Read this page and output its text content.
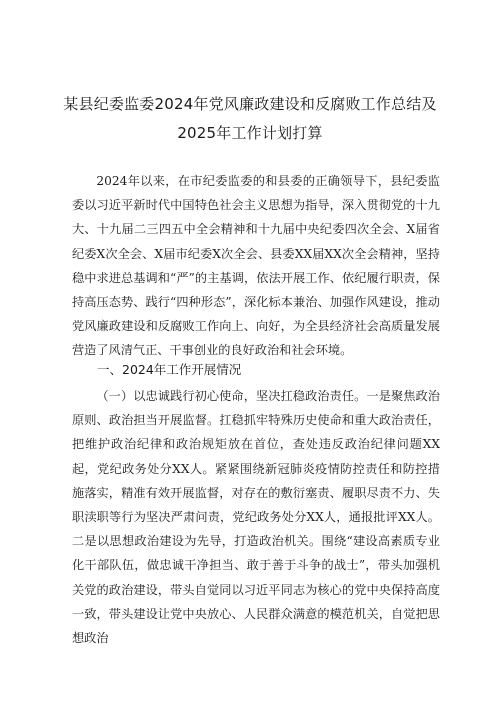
某县纪委监委2024年党风廉政建设和反腐败工作总结及
2025年工作计划打算

2024年以来，在市纪委监委的和县委的正确领导下，县纪委监委以习近平新时代中国特色社会主义思想为指导，深入贯彻党的十九大、十九届二三四五中全会精神和十九届中央纪委四次全会、X届省纪委X次全会、X届市纪委X次全会、县委XX届XX次全会精神，坚持稳中求进总基调和“严”的主基调，依法开展工作、依纪履行职责，保持高压态势、践行“四种形态”，深化标本兼治、加强作风建设，推动党风廉政建设和反腐败工作向上、向好，为全县经济社会高质量发展营造了风清气正、干事创业的良好政治和社会环境。

一、2024年工作开展情况

（一）以忠诚践行初心使命，坚决扛稳政治责任。一是聚焦政治原则、政治担当开展监督。扛稳抓牢特殊历史使命和重大政治责任，把维护政治纪律和政治规矩放在首位，查处违反政治纪律问题XX起，党纪政务处分XX人。紧紧围绕新冠肺炎疫情防控责任和防控措施落实，精准有效开展监督，对存在的敷衍塞责、履职尽责不力、失职渎职等行为坚决严肃问责，党纪政务处分XX人，通报批评XX人。二是以思想政治建设为先导，打造政治机关。围绕“建设高素质专业化干部队伍，做忠诚干净担当、敢于善于斗争的战士”，带头加强机关党的政治建设，带头自觉同以习近平同志为核心的党中央保持高度一致，带头建设让党中央放心、人民群众满意的模范机关，自觉把思想政治
